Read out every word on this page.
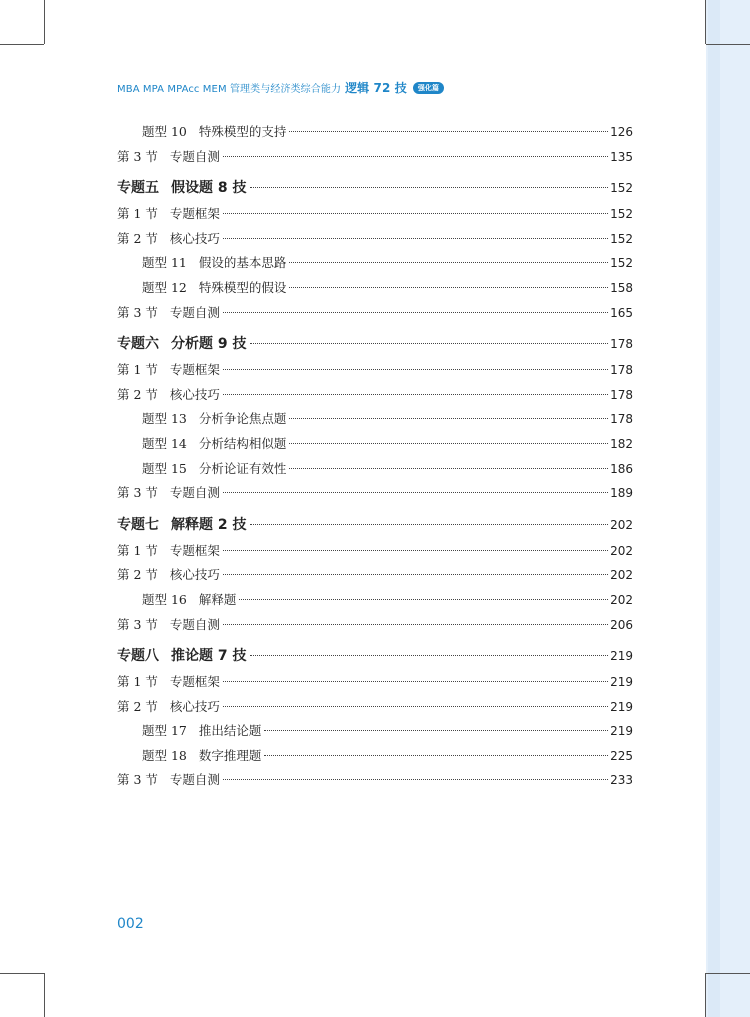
MBA MPA MPAcc MEM 管理类与经济类综合能力 逻辑 72 技	强化篇
题型 10 特殊模型的支持	126
第 3 节 专题自测	135
专题五 假设题 8 技	152
第 1 节 专题框架	152
第 2 节 核心技巧	152
题型 11 假设的基本思路	152
题型 12 特殊模型的假设	158
第 3 节 专题自测	165
专题六 分析题 9 技	178
第 1 节 专题框架	178
第 2 节 核心技巧	178
题型 13 分析争论焦点题	178
题型 14 分析结构相似题	182
题型 15 分析论证有效性	186
第 3 节 专题自测	189
专题七 解释题 2 技	202
第 1 节 专题框架	202
第 2 节 核心技巧	202
题型 16 解释题	202
第 3 节 专题自测	206
专题八 推论题 7 技	219
第 1 节 专题框架	219
第 2 节 核心技巧	219
题型 17 推出结论题	219
题型 18 数字推理题	225
第 3 节 专题自测	233
002
